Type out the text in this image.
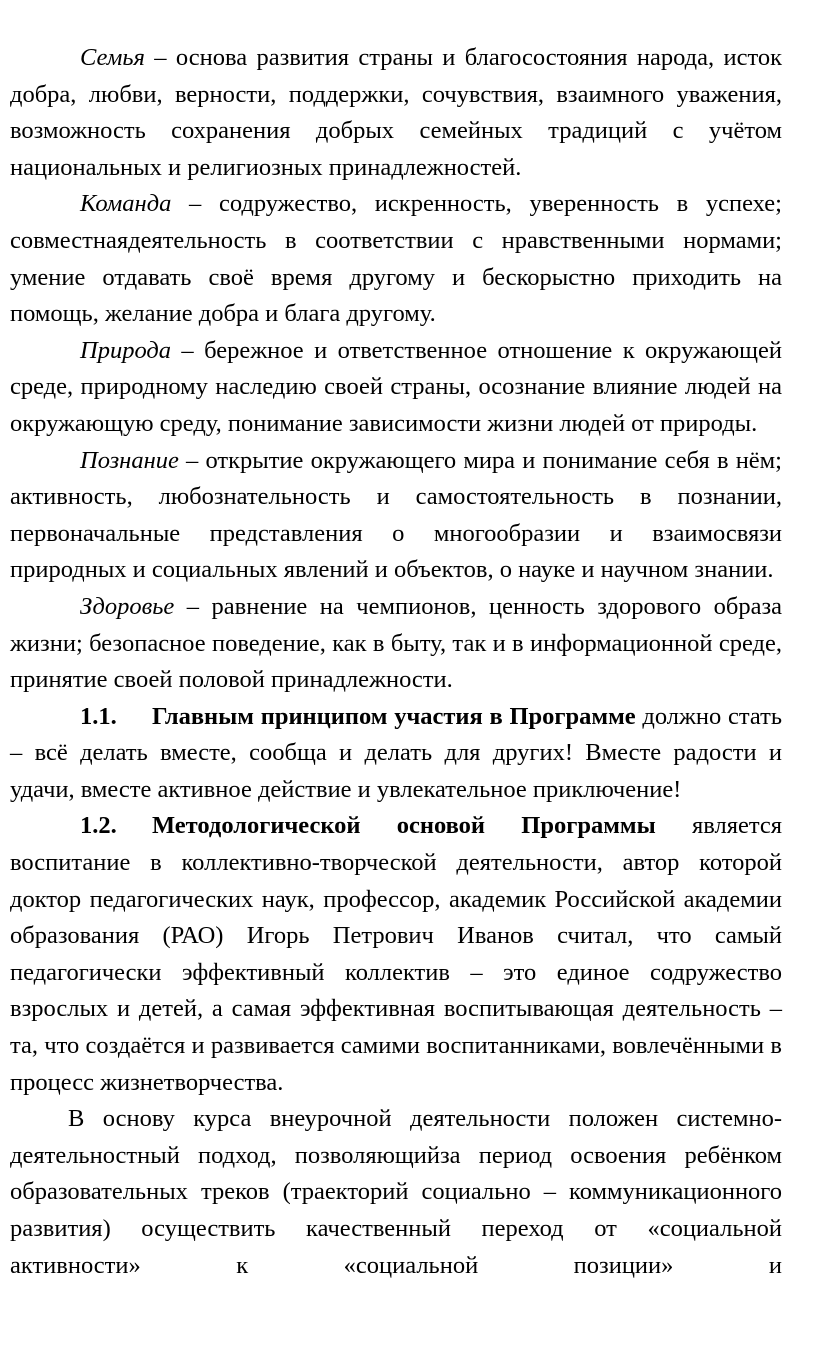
Семья – основа развития страны и благосостояния народа, исток добра, любви, верности, поддержки, сочувствия, взаимного уважения, возможность сохранения добрых семейных традиций с учётом национальных и религиозных принадлежностей.

Команда – содружество, искренность, уверенность в успехе; совместнаядеятельность в соответствии с нравственными нормами; умение отдавать своё время другому и бескорыстно приходить на помощь, желание добра и блага другому.

Природа – бережное и ответственное отношение к окружающей среде, природному наследию своей страны, осознание влияние людей на окружающую среду, понимание зависимости жизни людей от природы.

Познание – открытие окружающего мира и понимание себя в нём; активность, любознательность и самостоятельность в познании, первоначальные представления о многообразии и взаимосвязи природных и социальных явлений и объектов, о науке и научном знании.

Здоровье – равнение на чемпионов, ценность здорового образа жизни; безопасное поведение, как в быту, так и в информационной среде, принятие своей половой принадлежности.

1.1. Главным принципом участия в Программе должно стать – всё делать вместе, сообща и делать для других! Вместе радости и удачи, вместе активное действие и увлекательное приключение!

1.2. Методологической основой Программы является воспитание в коллективно-творческой деятельности, автор которой доктор педагогических наук, профессор, академик Российской академии образования (РАО) Игорь Петрович Иванов считал, что самый педагогически эффективный коллектив – это единое содружество взрослых и детей, а самая эффективная воспитывающая деятельность – та, что создаётся и развивается самими воспитанниками, вовлечёнными в процесс жизнетворчества.

В основу курса внеурочной деятельности положен системно-деятельностный подход, позволяющийза период освоения ребёнком образовательных треков (траекторий социально – коммуникационного развития) осуществить качественный переход от «социальной активности» к «социальной позиции» и
